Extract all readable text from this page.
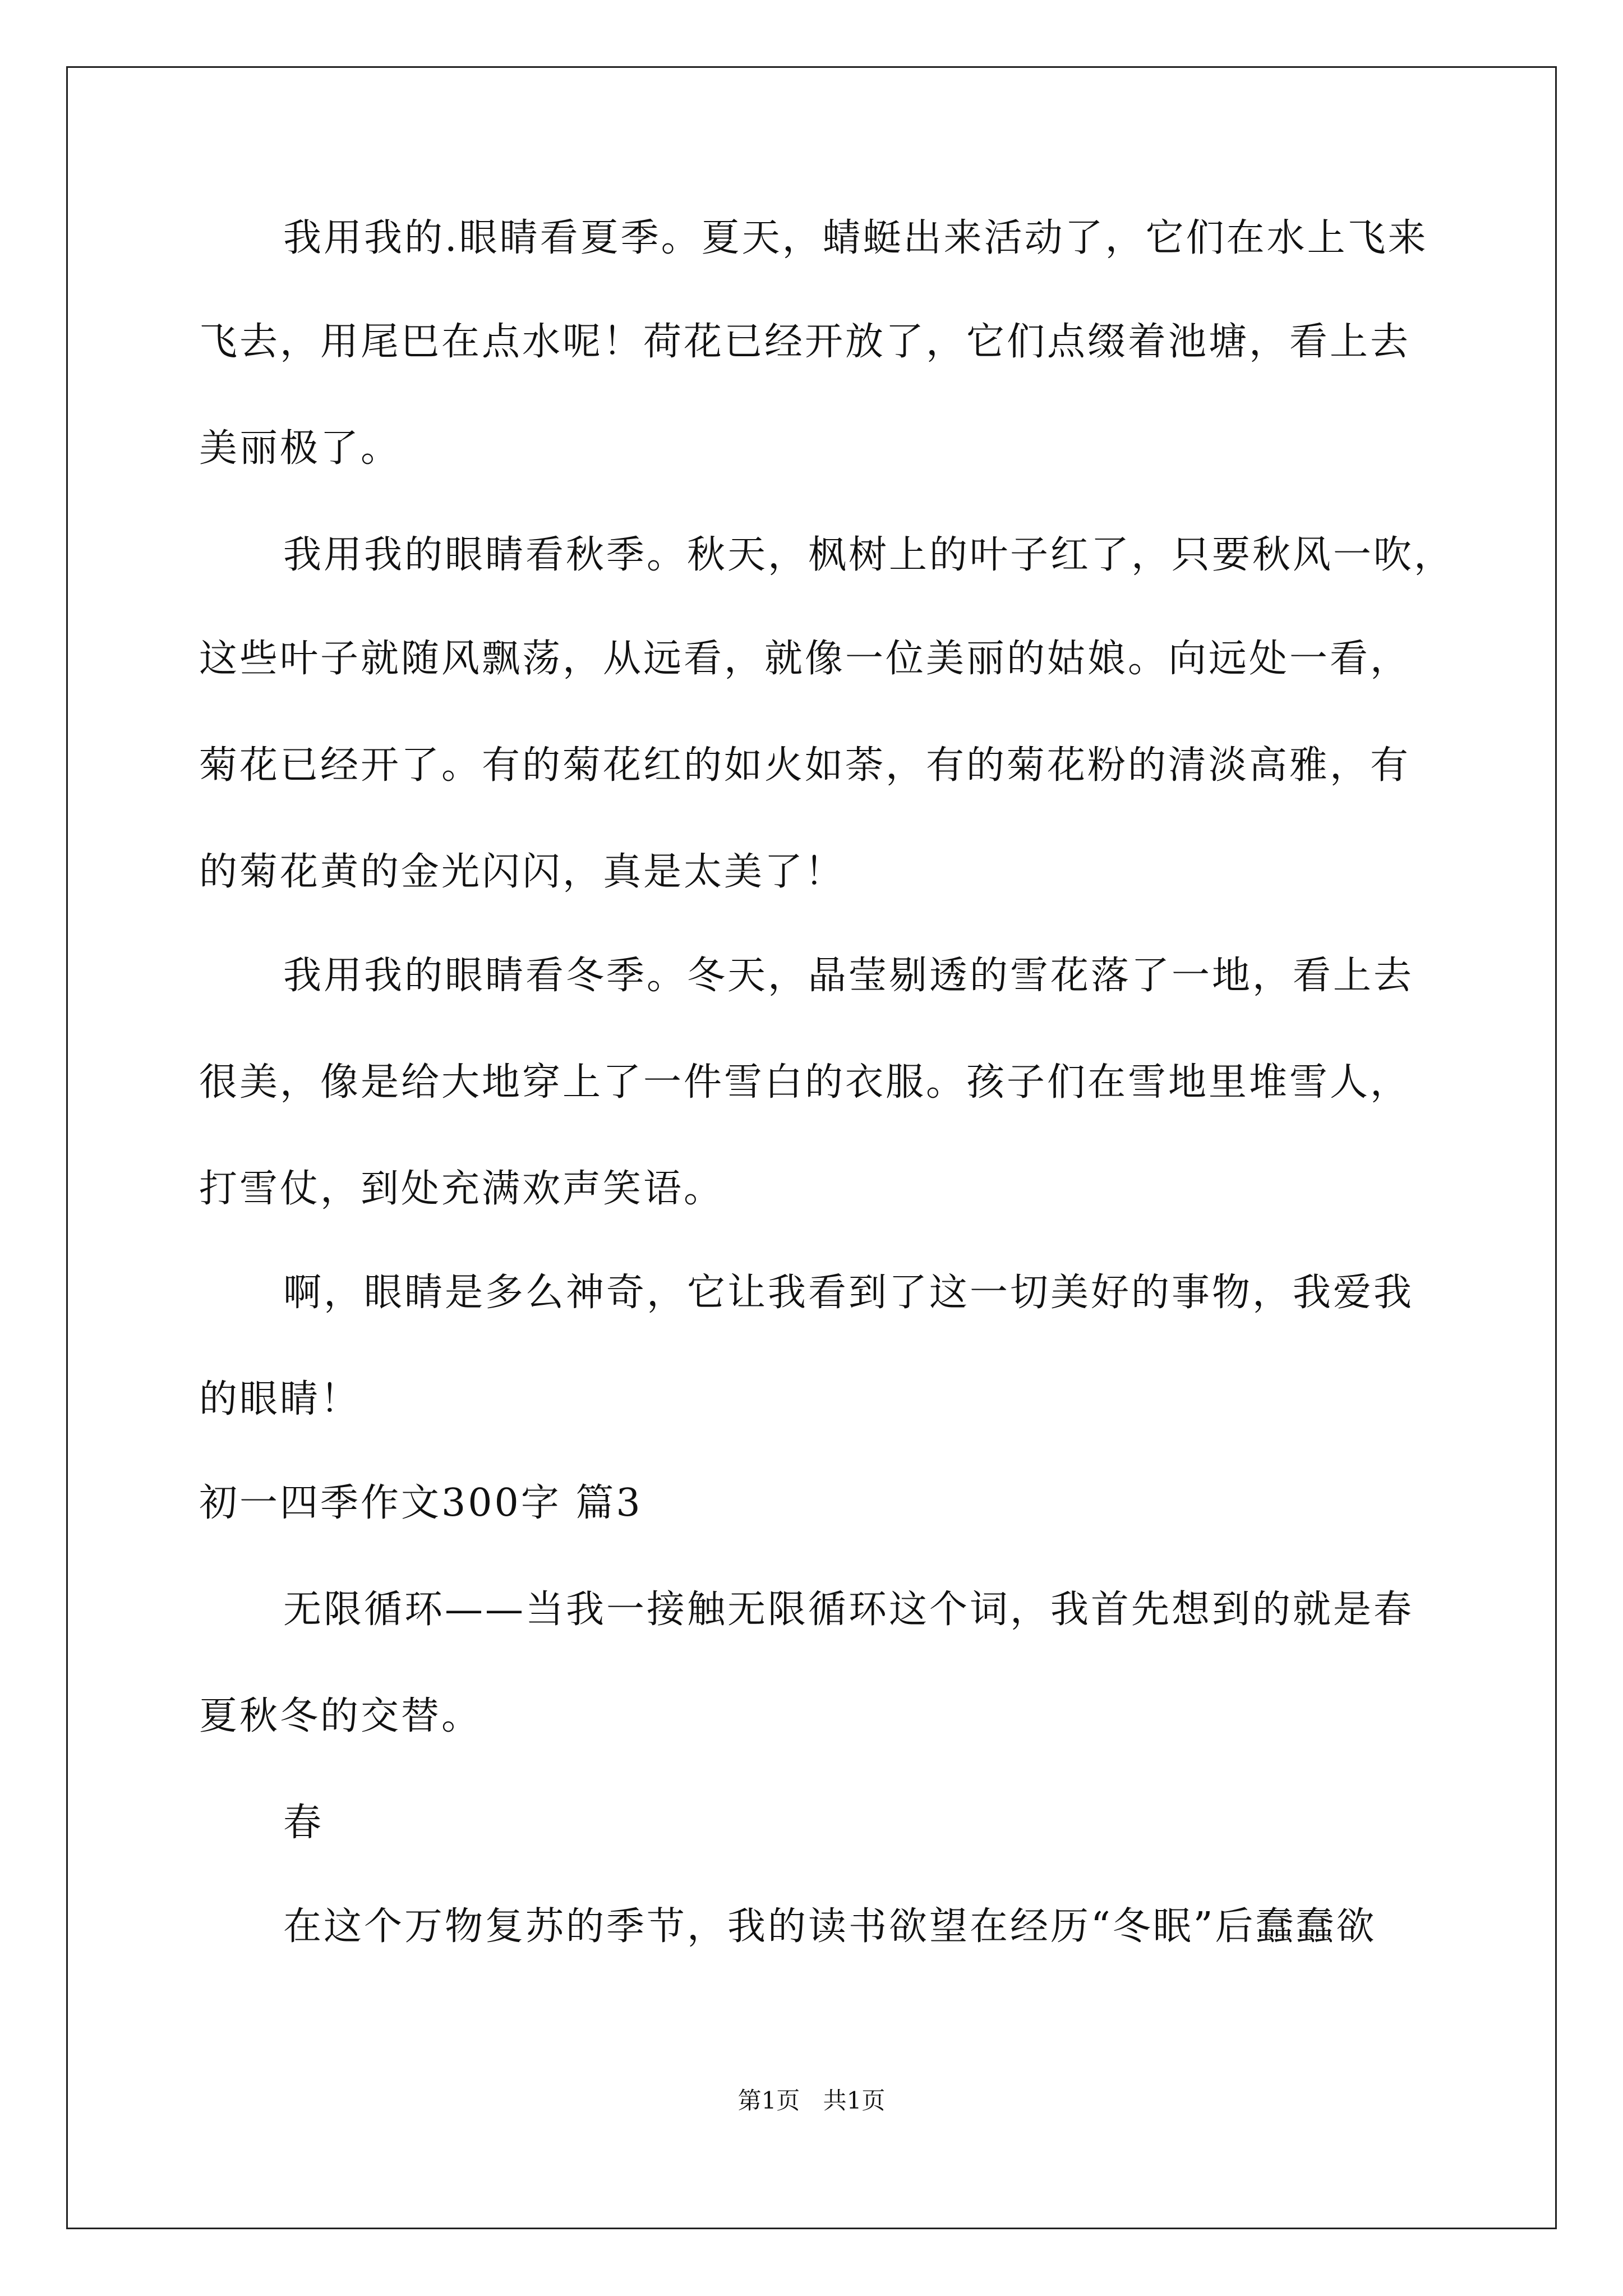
我用我的.眼睛看夏季。夏天，蜻蜓出来活动了，它们在水上飞来
飞去，用尾巴在点水呢！荷花已经开放了，它们点缀着池塘，看上去
美丽极了。
我用我的眼睛看秋季。秋天，枫树上的叶子红了，只要秋风一吹，
这些叶子就随风飘荡，从远看，就像一位美丽的姑娘。向远处一看，
菊花已经开了。有的菊花红的如火如荼，有的菊花粉的清淡高雅，有
的菊花黄的金光闪闪，真是太美了！
我用我的眼睛看冬季。冬天，晶莹剔透的雪花落了一地，看上去
很美，像是给大地穿上了一件雪白的衣服。孩子们在雪地里堆雪人，
打雪仗，到处充满欢声笑语。
啊，眼睛是多么神奇，它让我看到了这一切美好的事物，我爱我
的眼睛！
初一四季作文300字 篇3
无限循环——当我一接触无限循环这个词，我首先想到的就是春
夏秋冬的交替。
春
在这个万物复苏的季节，我的读书欲望在经历“冬眠”后蠢蠢欲
第1页 共1页
